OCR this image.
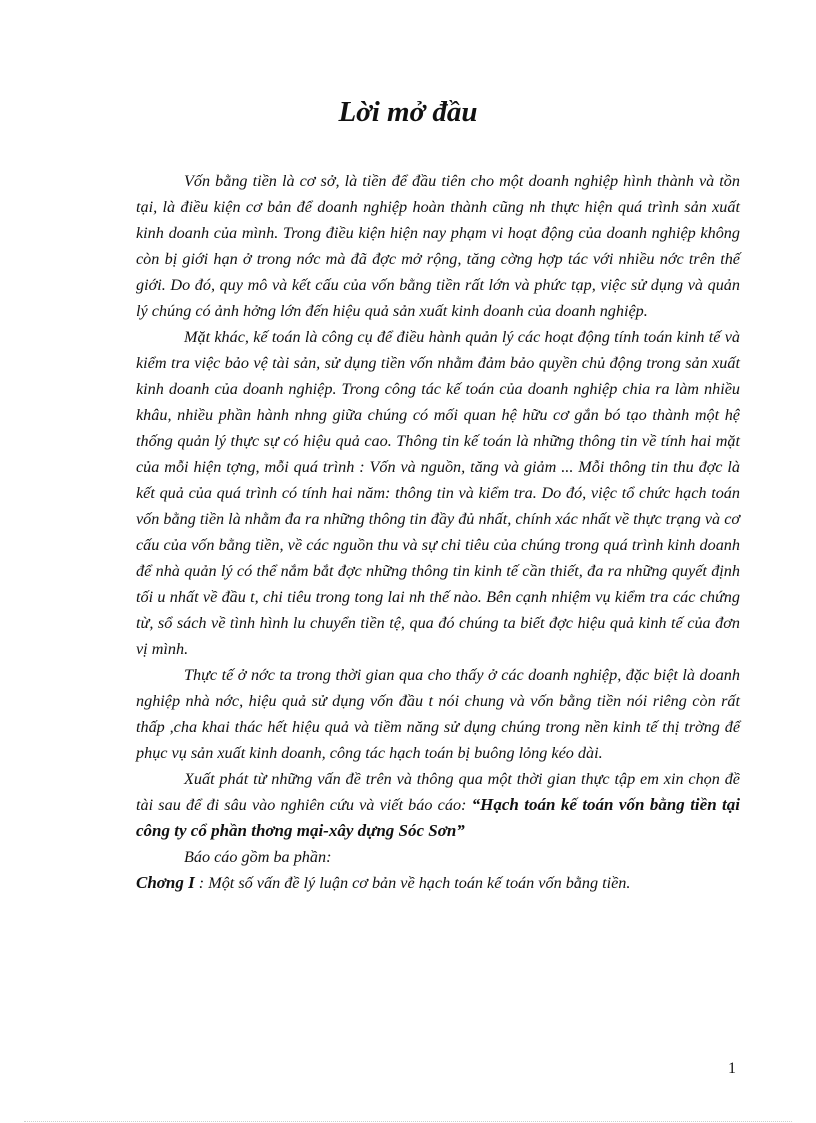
Lời mở đầu

Vốn bằng tiền là cơ sở, là tiền để đầu tiên cho một doanh nghiệp hình thành và tồn tại, là điều kiện cơ bản để doanh nghiệp hoàn thành cũng nh thực hiện quá trình sản xuất kinh doanh của mình. Trong điều kiện hiện nay phạm vi hoạt động của doanh nghiệp không còn bị giới hạn ở trong nớc mà đã đợc mở rộng, tăng cờng hợp tác với nhiều nớc trên thế giới. Do đó, quy mô và kết cấu của vốn bằng tiền rất lớn và phức tạp, việc sử dụng và quản lý chúng có ảnh hởng lớn đến hiệu quả sản xuất kinh doanh của doanh nghiệp.

Mặt khác, kế toán là công cụ để điều hành quản lý các hoạt động tính toán kinh tế và kiểm tra việc bảo vệ tài sản, sử dụng tiền vốn nhằm đảm bảo quyền chủ động trong sản xuất kinh doanh của doanh nghiệp. Trong công tác kế toán của doanh nghiệp chia ra làm nhiều khâu, nhiều phần hành nhng giữa chúng có mối quan hệ hữu cơ gắn bó tạo thành một hệ thống quản lý thực sự có hiệu quả cao. Thông tin kế toán là những thông tin về tính hai mặt của mỗi hiện tợng, mỗi quá trình : Vốn và nguồn, tăng và giảm ... Mỗi thông tin thu đợc là kết quả của quá trình có tính hai năm: thông tin và kiểm tra. Do đó, việc tổ chức hạch toán vốn bằng tiền là nhằm đa ra những thông tin đầy đủ nhất, chính xác nhất về thực trạng và cơ cấu của vốn bằng tiền, về các nguồn thu và sự chi tiêu của chúng trong quá trình kinh doanh để nhà quản lý có thể nắm bắt đợc những thông tin kinh tế cần thiết, đa ra những quyết định tối u nhất về đầu t, chi tiêu trong tong lai nh thế nào. Bên cạnh nhiệm vụ kiểm tra các chứng từ, sổ sách về tình hình lu chuyển tiền tệ, qua đó chúng ta biết đợc hiệu quả kinh tế của đơn vị mình.

Thực tế ở nớc ta trong thời gian qua cho thấy ở các doanh nghiệp, đặc biệt là doanh nghiệp nhà nớc, hiệu quả sử dụng vốn đầu t nói chung và vốn bằng tiền nói riêng còn rất thấp ,cha khai thác hết hiệu quả và tiềm năng sử dụng chúng trong nền kinh tế thị trờng để phục vụ sản xuất kinh doanh, công tác hạch toán bị buông lỏng kéo dài.

Xuất phát từ những vấn đề trên và thông qua một thời gian thực tập em xin chọn đề tài sau để đi sâu vào nghiên cứu và viết báo cáo: “Hạch toán kế toán vốn bằng tiền tại công ty cổ phần thơng mại-xây dựng Sóc Sơn”

Báo cáo gồm ba phần:

Chơng I : Một số vấn đề lý luận cơ bản về hạch toán kế toán vốn bằng tiền.

1
